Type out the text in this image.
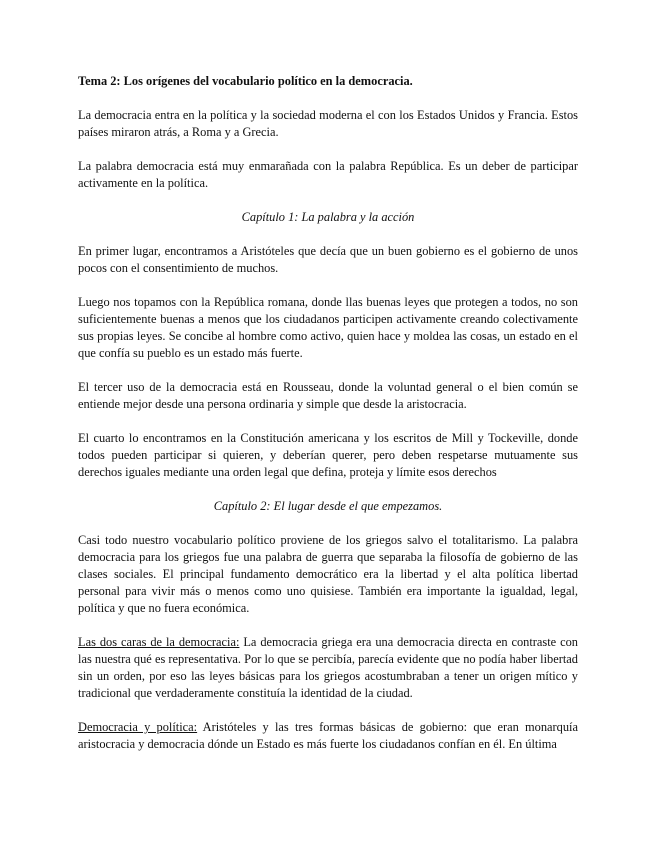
Tema 2: Los orígenes del vocabulario político en la democracia.

La democracia entra en la política y la sociedad moderna el con los Estados Unidos y Francia. Estos países miraron atrás, a Roma y a Grecia.

La palabra democracia está muy enmarañada con la palabra República. Es un deber de participar activamente en la política.

Capítulo 1: La palabra y la acción

En primer lugar, encontramos a Aristóteles que decía que un buen gobierno es el gobierno de unos pocos con el consentimiento de muchos.

Luego nos topamos con la República romana, donde llas buenas leyes que protegen a todos, no son suficientemente buenas a menos que los ciudadanos participen activamente creando colectivamente sus propias leyes. Se concibe al hombre como activo, quien hace y moldea las cosas, un estado en el que confía su pueblo es un estado más fuerte.

El tercer uso de la democracia está en Rousseau, donde la voluntad general o el bien común se entiende mejor desde una persona ordinaria y simple que desde la aristocracia.

El cuarto lo encontramos en la Constitución americana y los escritos de Mill y Tockeville, donde todos pueden participar si quieren, y deberían querer, pero deben respetarse mutuamente sus derechos iguales mediante una orden legal que defina, proteja y límite esos derechos

Capítulo 2: El lugar desde el que empezamos.

Casi todo nuestro vocabulario político proviene de los griegos salvo el totalitarismo. La palabra democracia para los griegos fue una palabra de guerra que separaba la filosofía de gobierno de las clases sociales. El principal fundamento democrático era la libertad y el alta política libertad personal para vivir más o menos como uno quisiese. También era importante la igualdad, legal, política y que no fuera económica.

Las dos caras de la democracia: La democracia griega era una democracia directa en contraste con las nuestra qué es representativa. Por lo que se percibía, parecía evidente que no podía haber libertad sin un orden, por eso las leyes básicas para los griegos acostumbraban a tener un origen mítico y tradicional que verdaderamente constituía la identidad de la ciudad.

Democracia y política: Aristóteles y las tres formas básicas de gobierno: que eran monarquía aristocracia y democracia dónde un Estado es más fuerte los ciudadanos confían en él. En última
